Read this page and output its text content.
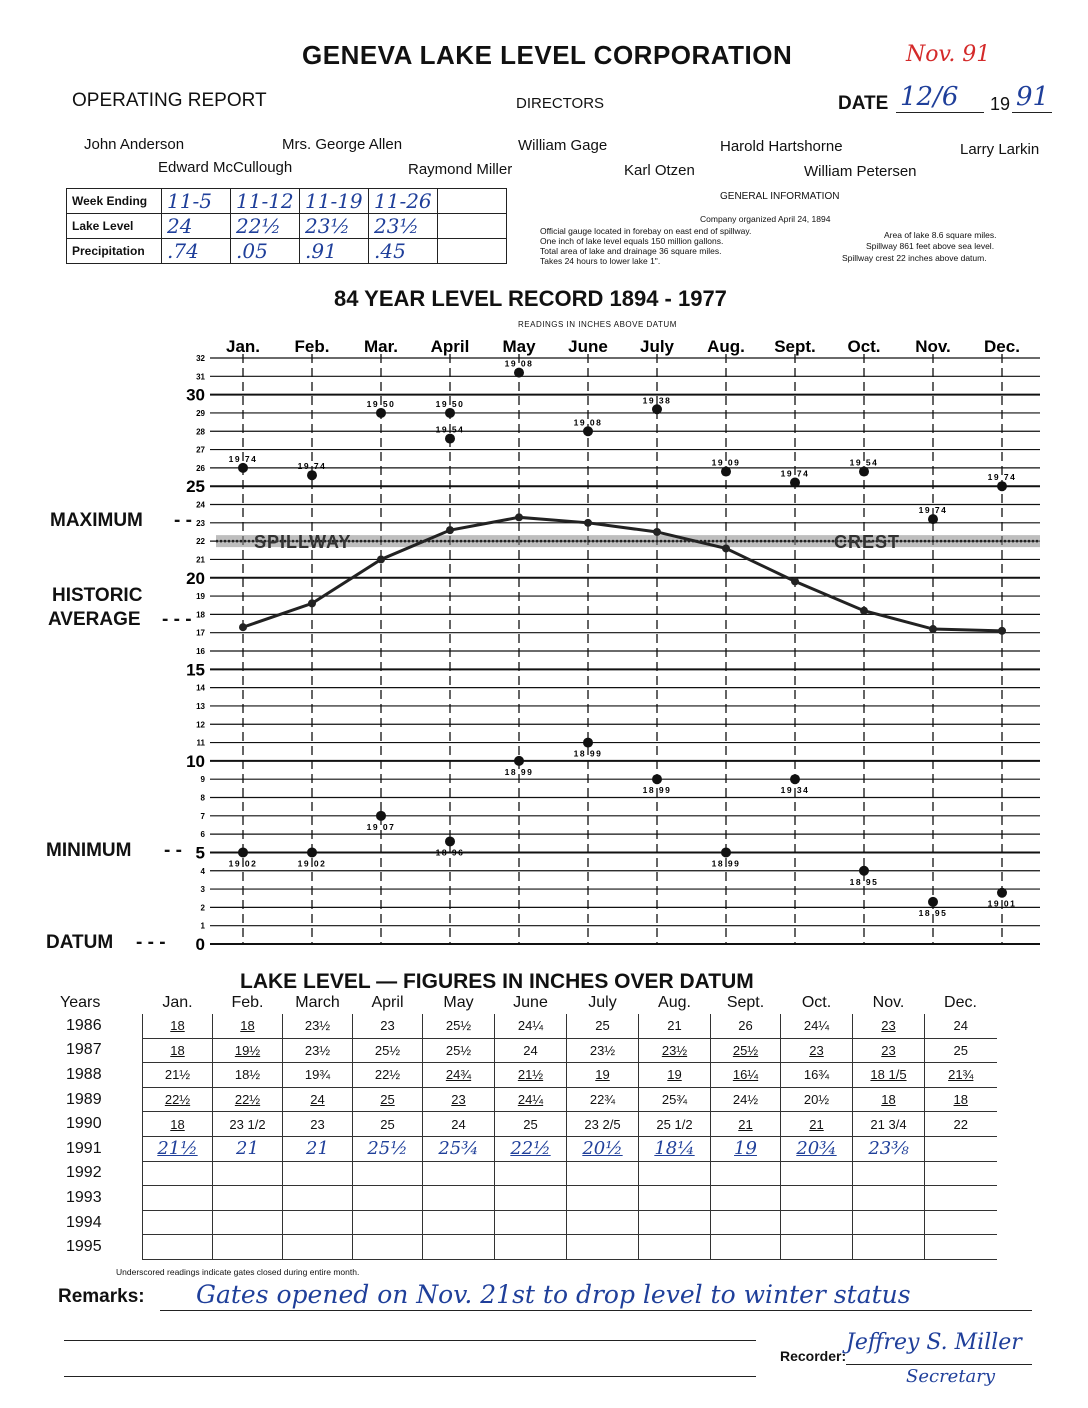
GENEVA LAKE LEVEL CORPORATION	Nov. 91
OPERATING REPORT	DIRECTORS	DATE 12/6 19 91
John Anderson	Mrs. George Allen	William Gage	Harold Hartshorne	Larry Larkin
Edward McCullough	Raymond Miller	Karl Otzen	William Petersen
Week Ending	11-5	11-12	11-19	11-26	
Lake Level	24	22½	23½	23½	
Precipitation	.74	.05	.91	.45	
GENERAL INFORMATION
Company organized April 24, 1894
Official gauge located in forebay on east end of spillway.
One inch of lake level equals 150 million gallons.
Total area of lake and drainage 36 square miles.
Takes 24 hours to lower lake 1".
Area of lake 8.6 square miles.
Spillway 861 feet above sea level.
Spillway crest 22 inches above datum.
84 YEAR LEVEL RECORD 1894 - 1977
READINGS IN INCHES ABOVE DATUM
Jan. Feb. Mar. April May June July Aug. Sept. Oct. Nov. Dec.
0
1
2
3
4
5
6
7
8
9
10
11
12
13
14
15
16
17
18
19
20
21
22
23
24
25
26
27
28
29
30
31
32
SPILLWAY	CREST
19 74
19 74
19 50	19 50
19 54
19 08
19 08
19 38
19 09
19 74
19 54
19 74
19 74
19 02	19 02
19 07
18 96
18 99
18 99
18 99
18 99
19 34
18 95
18 95
19 01
MAXIMUM - -
HISTORIC
AVERAGE - - -
MINIMUM - -
DATUM - - -
LAKE LEVEL — FIGURES IN INCHES OVER DATUM
Years	Jan.	Feb.	March	April	May	June	July	Aug.	Sept.	Oct.	Nov.	Dec.
1986	18	18	23½	23	25½	24¼	25	21	26	24¼	23	24
1987	18	19½	23½	25½	25½	24	23½	23½	25½	23	23	25
1988	21½	18½	19¾	22½	24¾	21½	19	19	16¼	16¾	18 1/5	21¾
1989	22½	22½	24	25	23	24¼	22¾	25¾	24½	20½	18	18
1990	18	23 1/2	23	25	24	25	23 2/5	25 1/2	21	21	21 3/4	22
1991	21½	21	21	25½	25¾	22½	20½	18¼	19	20¾	23⅜	
1992												
1993												
1994												
1995												
Underscored readings indicate gates closed during entire month.
Remarks: Gates opened on Nov. 21st to drop level to winter status
Recorder:
Jeffrey S. Miller
Secretary
